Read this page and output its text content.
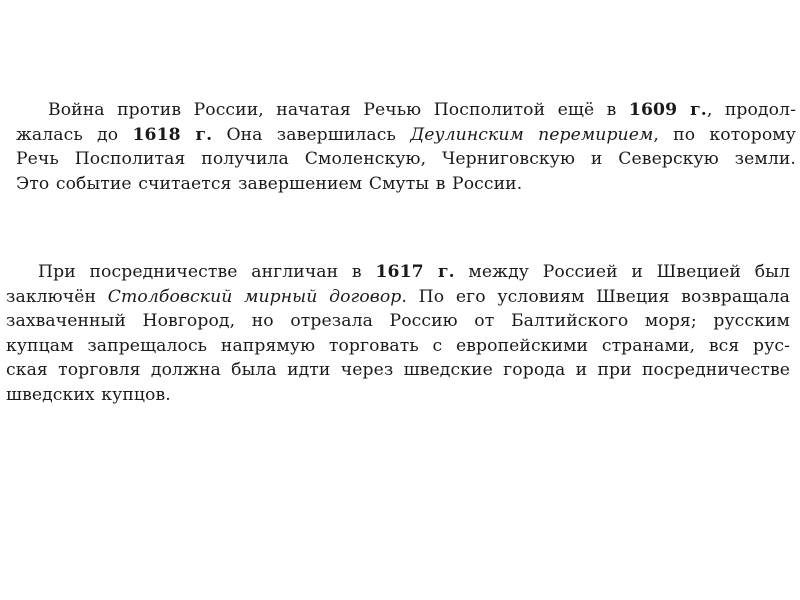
Война против России, начатая Речью Посполитой ещё в 1609 г., продол-
жалась до 1618 г. Она завершилась Деулинским перемирием, по которому
Речь Посполитая получила Смоленскую, Черниговскую и Северскую земли.
Это событие считается завершением Смуты в России.
При посредничестве англичан в 1617 г. между Россией и Швецией был
заключён Столбовский мирный договор. По его условиям Швеция возвращала
захваченный Новгород, но отрезала Россию от Балтийского моря; русским
купцам запрещалось напрямую торговать с европейскими странами, вся рус-
ская торговля должна была идти через шведские города и при посредничестве
шведских купцов.
